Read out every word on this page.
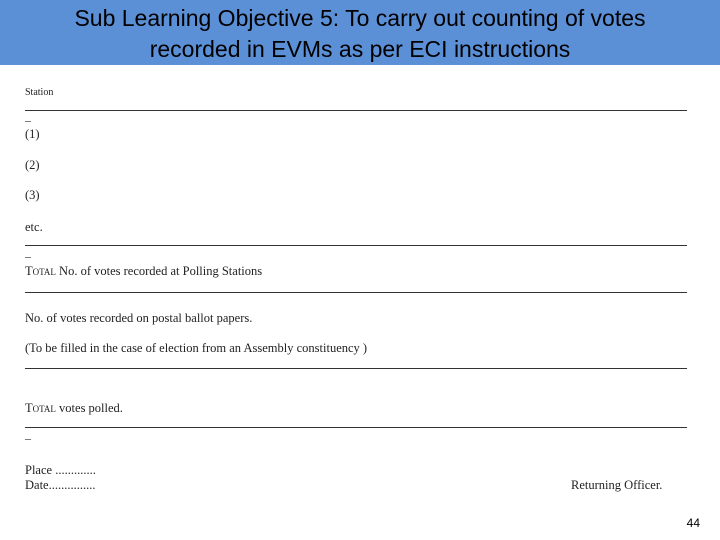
Sub Learning Objective 5: To carry out counting of votes
recorded in EVMs as per ECI instructions
Station
–
(1)
(2)
(3)
etc.
–
Total No. of votes recorded at Polling Stations
No. of votes recorded on postal ballot papers.
(To be filled in the case of election from an Assembly constituency )
Total votes polled.
–
Place .............
Date...............	Returning Officer.
44
